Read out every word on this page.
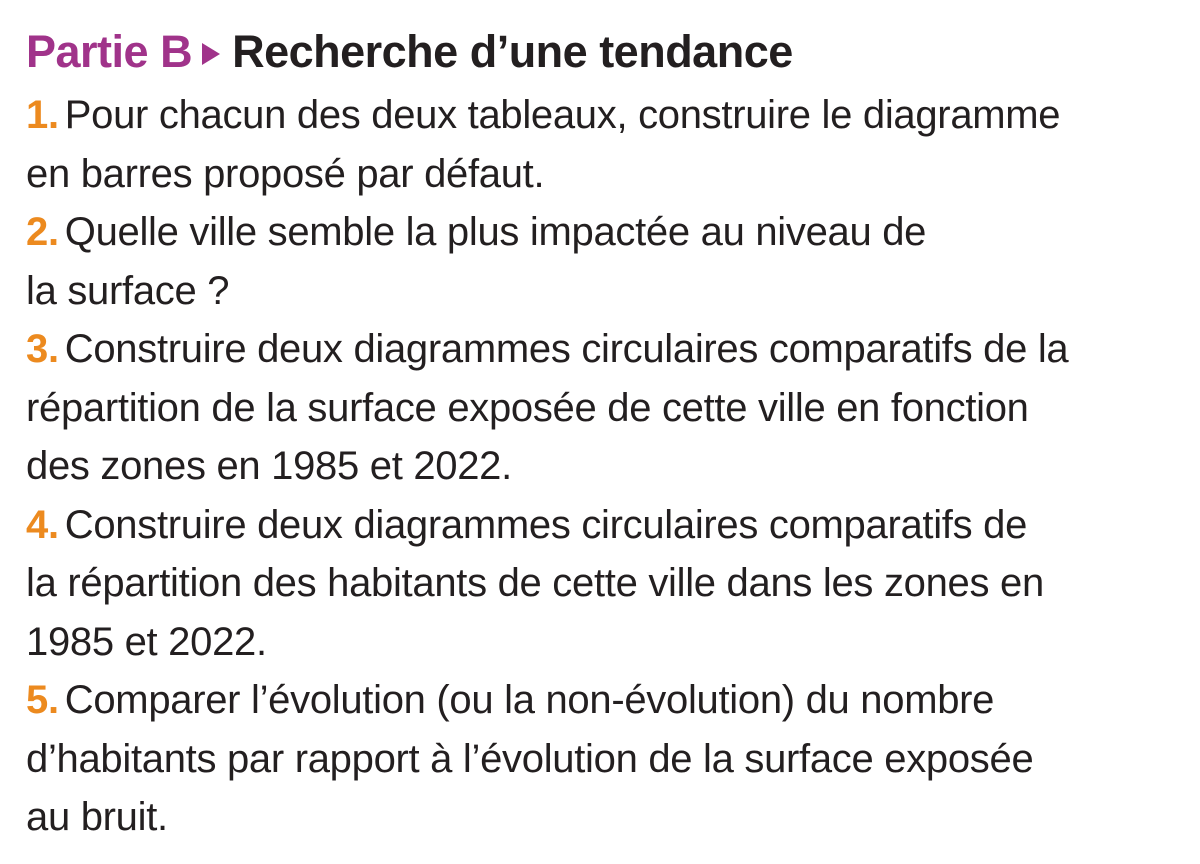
Partie B Recherche d’une tendance
1. Pour chacun des deux tableaux, construire le diagramme
en barres proposé par défaut.
2. Quelle ville semble la plus impactée au niveau de
la surface ?
3. Construire deux diagrammes circulaires comparatifs de la
répartition de la surface exposée de cette ville en fonction
des zones en 1985 et 2022.
4. Construire deux diagrammes circulaires comparatifs de
la répartition des habitants de cette ville dans les zones en
1985 et 2022.
5. Comparer l’évolution (ou la non-évolution) du nombre
d’habitants par rapport à l’évolution de la surface exposée
au bruit.
